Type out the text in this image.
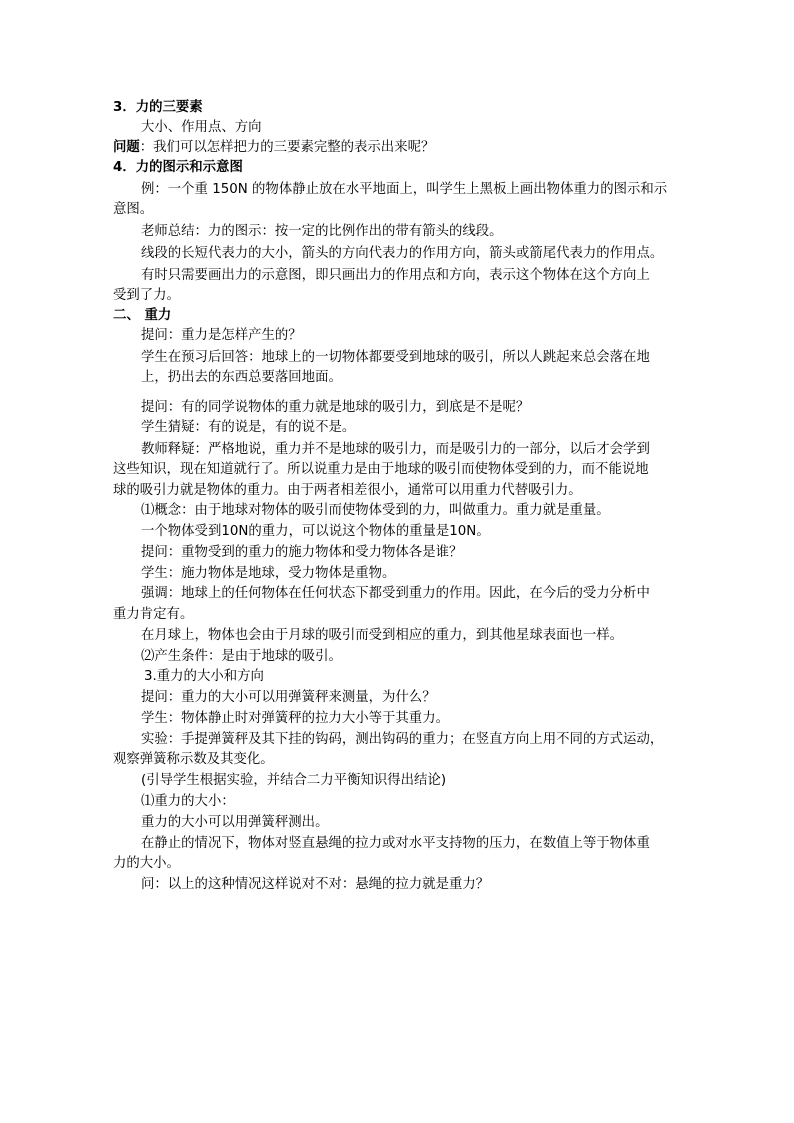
3．力的三要素
大小、作用点、方向
问题：我们可以怎样把力的三要素完整的表示出来呢？
4．力的图示和示意图
例：一个重 150N 的物体静止放在水平地面上，叫学生上黑板上画出物体重力的图示和示
意图。
老师总结：力的图示：按一定的比例作出的带有箭头的线段。
线段的长短代表力的大小，箭头的方向代表力的作用方向，箭头或箭尾代表力的作用点。
有时只需要画出力的示意图，即只画出力的作用点和方向，表示这个物体在这个方向上
受到了力。
二、 重力
提问：重力是怎样产生的？
学生在预习后回答：地球上的一切物体都要受到地球的吸引，所以人跳起来总会落在地
上，扔出去的东西总要落回地面。
提问：有的同学说物体的重力就是地球的吸引力，到底是不是呢？
学生猜疑：有的说是，有的说不是。
教师释疑：严格地说，重力并不是地球的吸引力，而是吸引力的一部分，以后才会学到
这些知识，现在知道就行了。所以说重力是由于地球的吸引而使物体受到的力，而不能说地
球的吸引力就是物体的重力。由于两者相差很小，通常可以用重力代替吸引力。
⑴概念：由于地球对物体的吸引而使物体受到的力，叫做重力。重力就是重量。
一个物体受到10N的重力，可以说这个物体的重量是10N。
提问：重物受到的重力的施力物体和受力物体各是谁？
学生：施力物体是地球，受力物体是重物。
强调：地球上的任何物体在任何状态下都受到重力的作用。因此，在今后的受力分析中
重力肯定有。
在月球上，物体也会由于月球的吸引而受到相应的重力，到其他星球表面也一样。
⑵产生条件：是由于地球的吸引。
3.重力的大小和方向
提问：重力的大小可以用弹簧秤来测量，为什么？
学生：物体静止时对弹簧秤的拉力大小等于其重力。
实验：手提弹簧秤及其下挂的钩码，测出钩码的重力；在竖直方向上用不同的方式运动，
观察弹簧称示数及其变化。
(引导学生根据实验，并结合二力平衡知识得出结论)
⑴重力的大小：
重力的大小可以用弹簧秤测出。
在静止的情况下，物体对竖直悬绳的拉力或对水平支持物的压力，在数值上等于物体重
力的大小。
问：以上的这种情况这样说对不对：悬绳的拉力就是重力？
